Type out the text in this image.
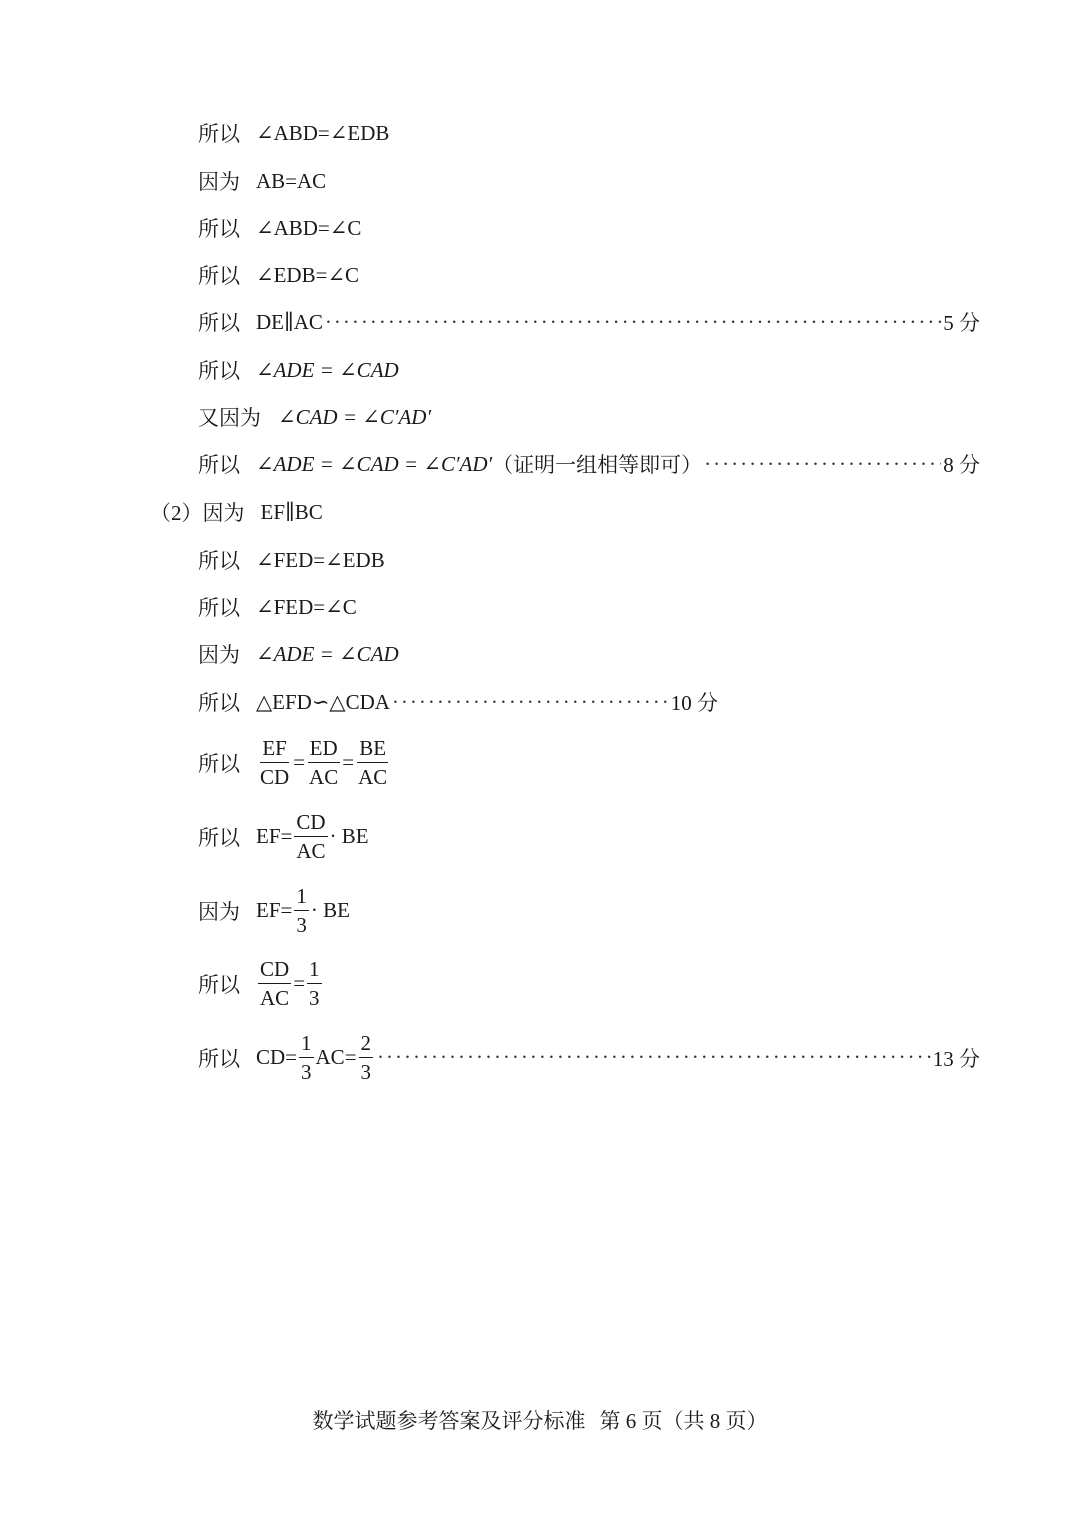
所以 ∠ABD=∠EDB
因为 AB=AC
所以 ∠ABD=∠C
所以 ∠EDB=∠C
所以 DE∥AC ·····	5 分
所以 ∠ADE = ∠CAD
又因为 ∠CAD = ∠C′AD′
所以 ∠ADE = ∠CAD = ∠C′AD′ （证明一组相等即可） ·····	8 分
（2） 因为 EF∥BC
所以 ∠FED=∠EDB
所以 ∠FED=∠C
因为 ∠ADE = ∠CAD
所以 △EFD∽△CDA ·····	10 分
所以 $\frac{EF}{CD} = \frac{ED}{AC} = \frac{BE}{AC}$
所以 $EF= \frac{CD}{AC}$ · BE
因为 $EF= \frac{1}{3}$ · BE
所以 $\frac{CD}{AC} = \frac{1}{3}$
所以 $CD= \frac{1}{3} AC= \frac{2}{3}$ ·····	13 分
数学试题参考答案及评分标准 第 6 页（共 8 页）
